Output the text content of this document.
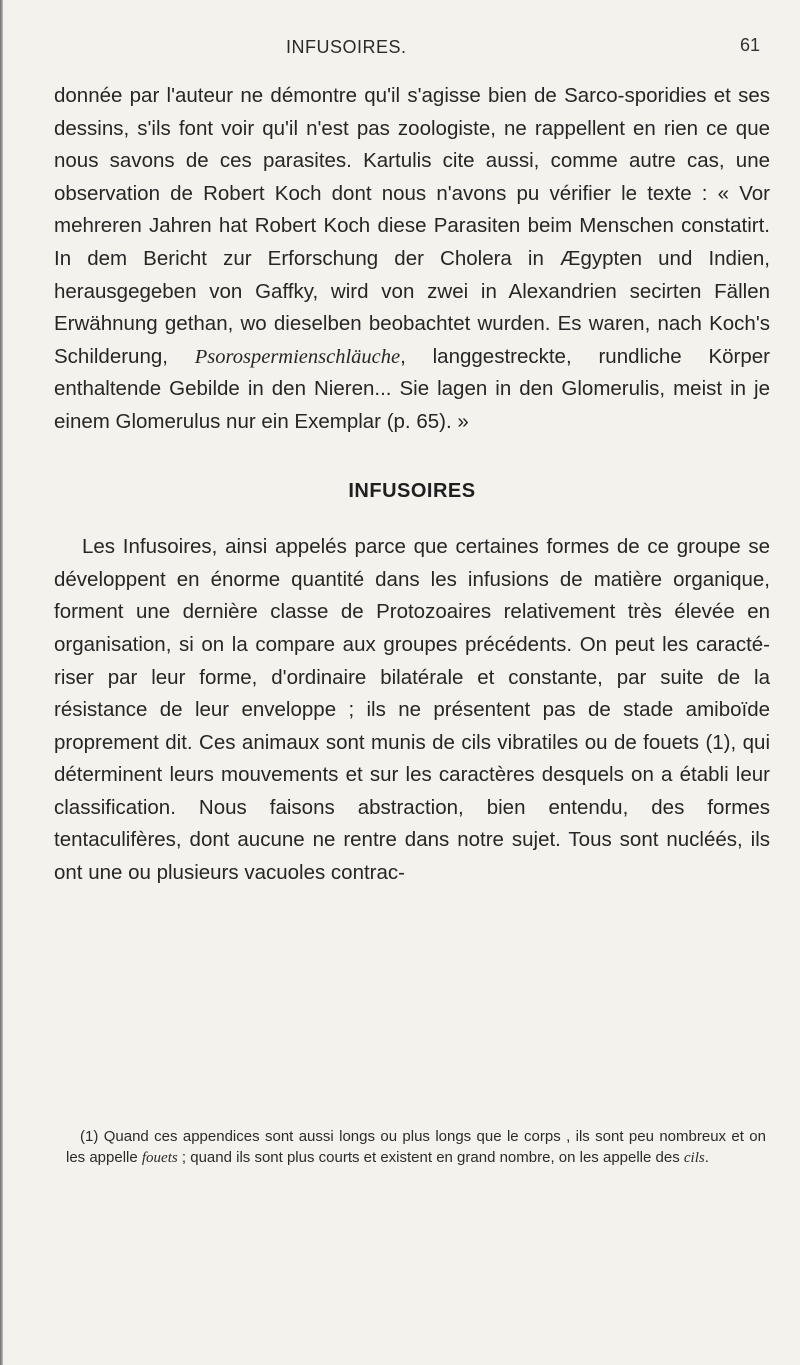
INFUSOIRES.	61

donnée par l'auteur ne démontre qu'il s'agisse bien de Sarco-sporidies et ses dessins, s'ils font voir qu'il n'est pas zoologiste, ne rappellent en rien ce que nous savons de ces parasites. Kartulis cite aussi, comme autre cas, une observation de Robert Koch dont nous n'avons pu vérifier le texte : « Vor mehreren Jahren hat Robert Koch diese Parasiten beim Menschen constatirt. In dem Bericht zur Erforschung der Cholera in Ægypten und Indien, herausgegeben von Gaffky, wird von zwei in Alexandrien secirten Fällen Erwähnung gethan, wo dieselben beobachtet wurden. Es waren, nach Koch's Schilderung, Psorospermienschläuche, langgestreckte, rundliche Körper enthaltende Gebilde in den Nieren... Sie lagen in den Glomerulis, meist in je einem Glomerulus nur ein Exemplar (p. 65). »

INFUSOIRES

Les Infusoires, ainsi appelés parce que certaines formes de ce groupe se développent en énorme quantité dans les infusions de matière organique, forment une dernière classe de Protozoaires relativement très élevée en organisation, si on la compare aux groupes précédents. On peut les caracté-riser par leur forme, d'ordinaire bilatérale et constante, par suite de la résistance de leur enveloppe ; ils ne présentent pas de stade amiboïde proprement dit. Ces animaux sont munis de cils vibratiles ou de fouets (1), qui déterminent leurs mouvements et sur les caractères desquels on a établi leur classification. Nous faisons abstraction, bien entendu, des formes tentaculifères, dont aucune ne rentre dans notre sujet. Tous sont nucléés, ils ont une ou plusieurs vacuoles contrac-

(1) Quand ces appendices sont aussi longs ou plus longs que le corps , ils sont peu nombreux et on les appelle fouets ; quand ils sont plus courts et existent en grand nombre, on les appelle des cils.
